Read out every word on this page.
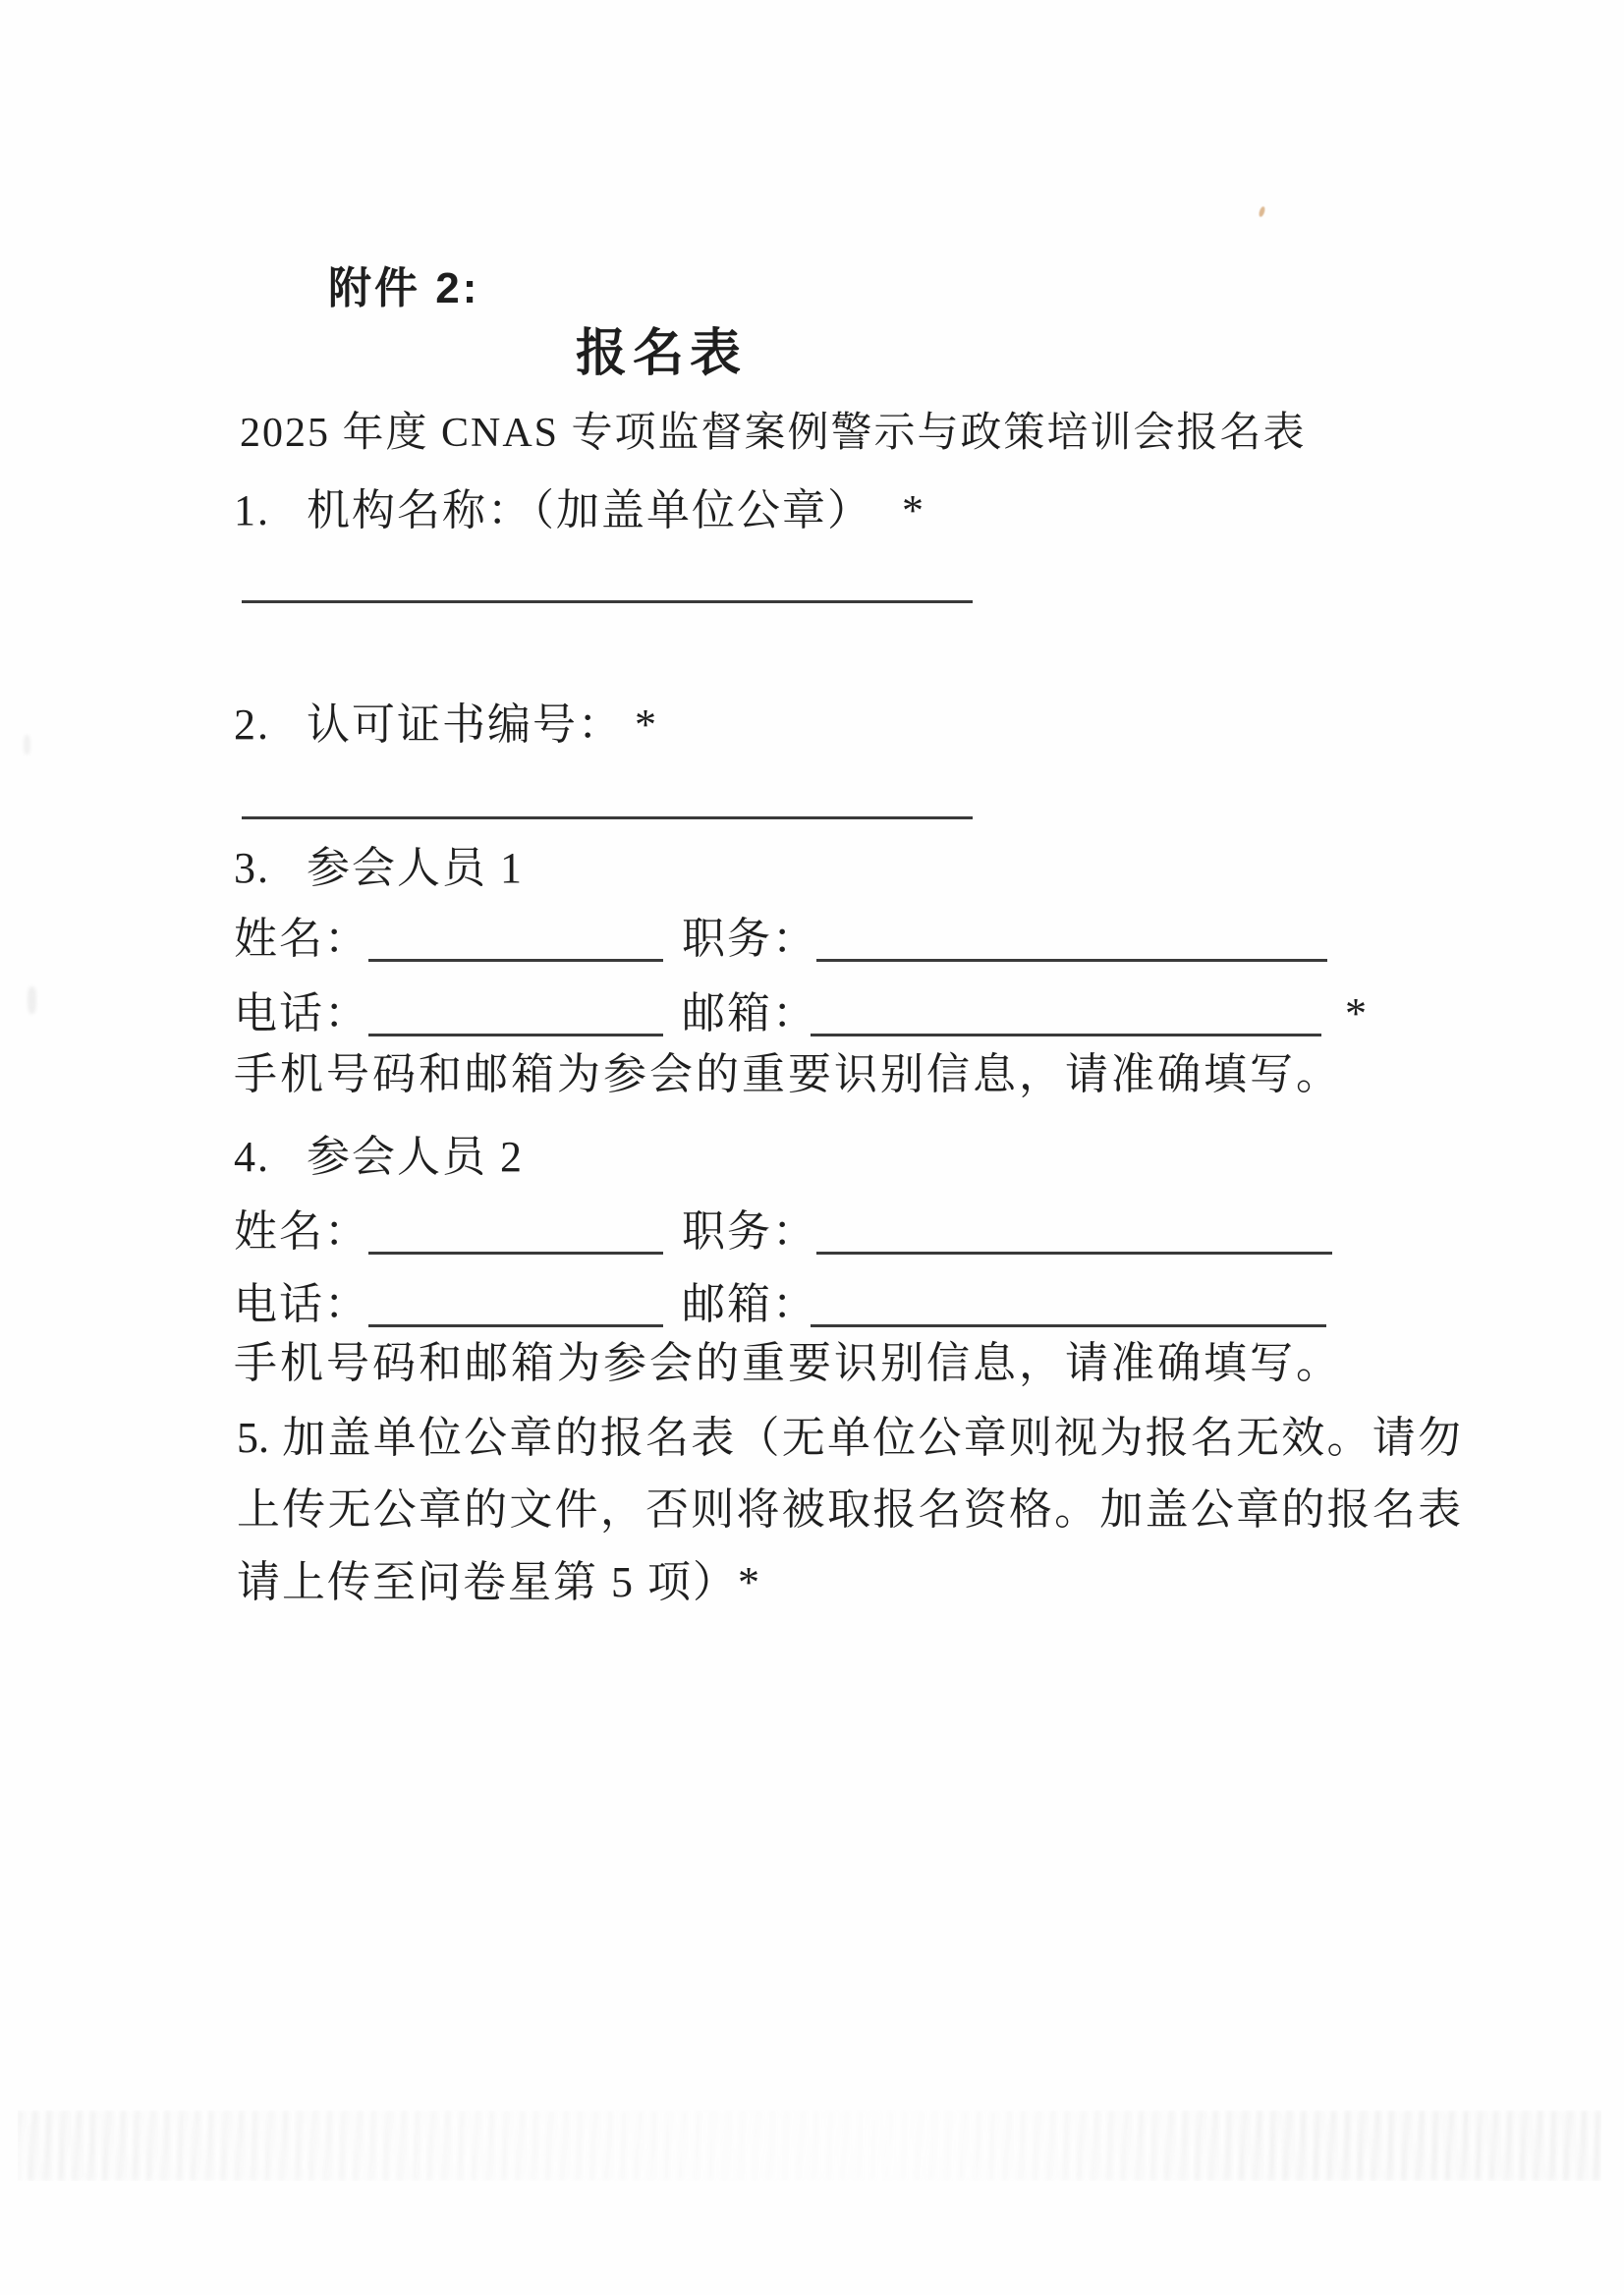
附件 2:
报名表
2025 年度 CNAS 专项监督案例警示与政策培训会报名表
1. 机构名称：（加盖单位公章） *
2. 认可证书编号： *
3. 参会人员 1
姓名：	职务：
电话：	邮箱：	*
手机号码和邮箱为参会的重要识别信息，请准确填写。
4. 参会人员 2
姓名：	职务：
电话：	邮箱：
手机号码和邮箱为参会的重要识别信息，请准确填写。
5. 加盖单位公章的报名表（无单位公章则视为报名无效。请勿
上传无公章的文件，否则将被取报名资格。加盖公章的报名表
请上传至问卷星第 5 项）*
